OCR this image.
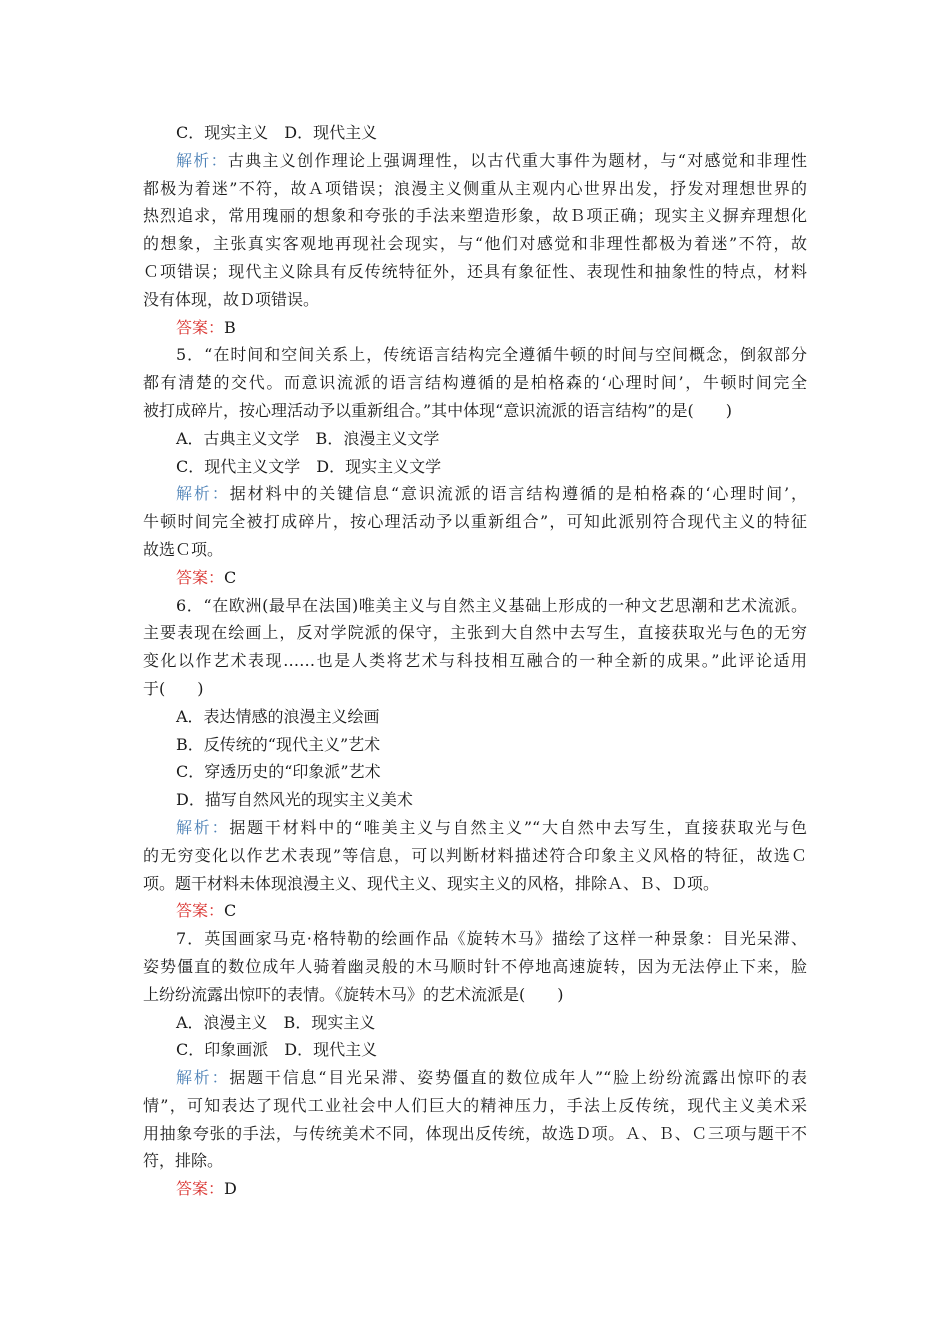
C．现实主义　D．现代主义
解析：古典主义创作理论上强调理性，以古代重大事件为题材，与“对感觉和非理性
都极为着迷”不符，故Ａ项错误；浪漫主义侧重从主观内心世界出发，抒发对理想世界的
热烈追求，常用瑰丽的想象和夸张的手法来塑造形象，故Ｂ项正确；现实主义摒弃理想化
的想象，主张真实客观地再现社会现实，与“他们对感觉和非理性都极为着迷”不符，故
Ｃ项错误；现代主义除具有反传统特征外，还具有象征性、表现性和抽象性的特点，材料
没有体现，故Ｄ项错误。
答案：B
5．“在时间和空间关系上，传统语言结构完全遵循牛顿的时间与空间概念，倒叙部分
都有清楚的交代。而意识流派的语言结构遵循的是柏格森的‘心理时间’，牛顿时间完全
被打成碎片，按心理活动予以重新组合。”其中体现“意识流派的语言结构”的是(　　)
A．古典主义文学　B．浪漫主义文学
C．现代主义文学　D．现实主义文学
解析：据材料中的关键信息“意识流派的语言结构遵循的是柏格森的‘心理时间’，
牛顿时间完全被打成碎片，按心理活动予以重新组合”，可知此派别符合现代主义的特征
故选Ｃ项。
答案：C
6．“在欧洲(最早在法国)唯美主义与自然主义基础上形成的一种文艺思潮和艺术流派。
主要表现在绘画上，反对学院派的保守，主张到大自然中去写生，直接获取光与色的无穷
变化以作艺术表现……也是人类将艺术与科技相互融合的一种全新的成果。”此评论适用
于(　　)
A．表达情感的浪漫主义绘画
B．反传统的“现代主义”艺术
C．穿透历史的“印象派”艺术
D．描写自然风光的现实主义美术
解析：据题干材料中的“唯美主义与自然主义”“大自然中去写生，直接获取光与色
的无穷变化以作艺术表现”等信息，可以判断材料描述符合印象主义风格的特征，故选Ｃ
项。题干材料未体现浪漫主义、现代主义、现实主义的风格，排除Ａ、Ｂ、Ｄ项。
答案：C
7．英国画家马克·格特勒的绘画作品《旋转木马》描绘了这样一种景象：目光呆滞、
姿势僵直的数位成年人骑着幽灵般的木马顺时针不停地高速旋转，因为无法停止下来，脸
上纷纷流露出惊吓的表情。《旋转木马》的艺术流派是(　　)
A．浪漫主义　B．现实主义
C．印象画派　D．现代主义
解析：据题干信息“目光呆滞、姿势僵直的数位成年人”“脸上纷纷流露出惊吓的表
情”，可知表达了现代工业社会中人们巨大的精神压力，手法上反传统，现代主义美术采
用抽象夸张的手法，与传统美术不同，体现出反传统，故选Ｄ项。Ａ、Ｂ、Ｃ三项与题干不
符，排除。
答案：D
